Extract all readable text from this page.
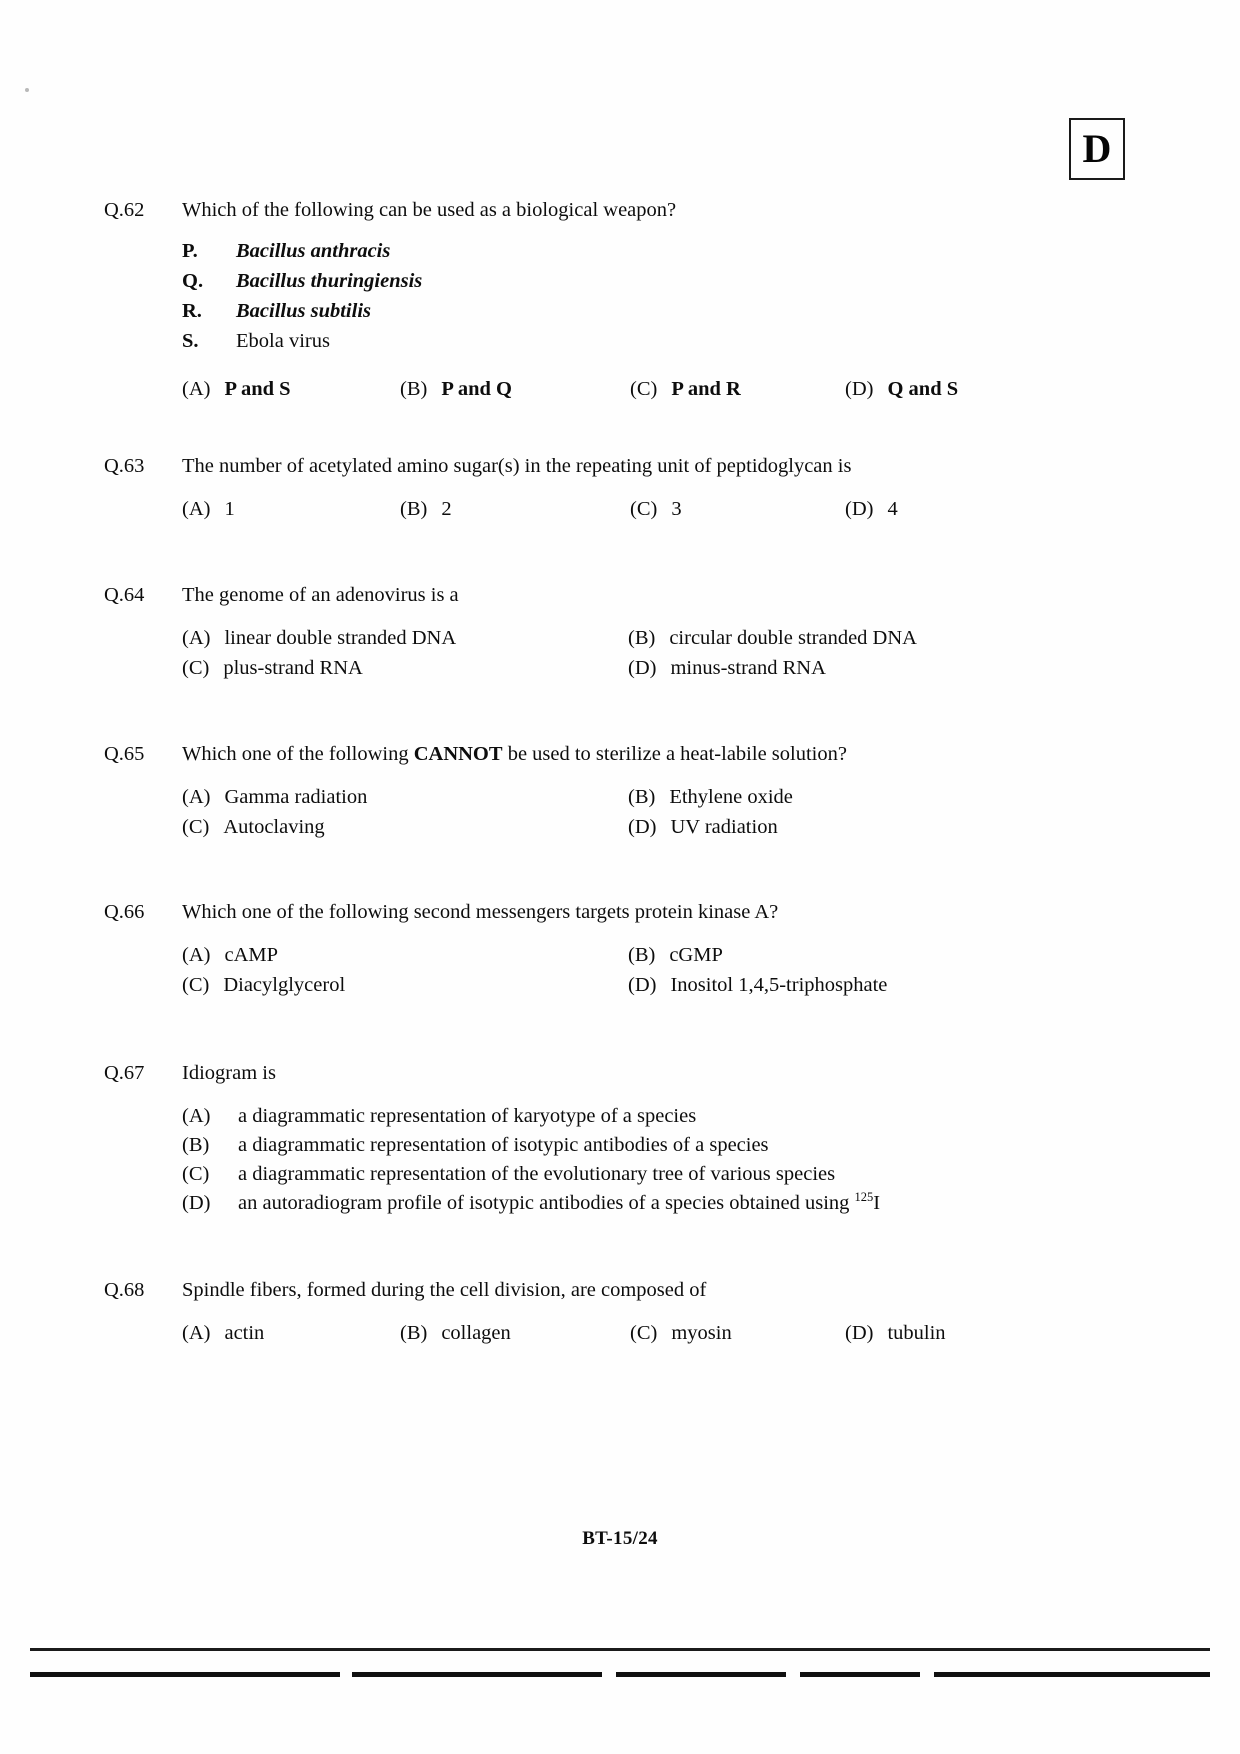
D
Q.62	Which of the following can be used as a biological weapon?
P.	Bacillus anthracis
Q.	Bacillus thuringiensis
R.	Bacillus subtilis
S.	Ebola virus
(A) P and S	(B) P and Q	(C) P and R	(D) Q and S
Q.63	The number of acetylated amino sugar(s) in the repeating unit of peptidoglycan is
(A) 1	(B) 2	(C) 3	(D) 4
Q.64	The genome of an adenovirus is a
(A) linear double stranded DNA	(B) circular double stranded DNA
(C) plus-strand RNA	(D) minus-strand RNA
Q.65	Which one of the following CANNOT be used to sterilize a heat-labile solution?
(A) Gamma radiation	(B) Ethylene oxide
(C) Autoclaving	(D) UV radiation
Q.66	Which one of the following second messengers targets protein kinase A?
(A) cAMP	(B) cGMP
(C) Diacylglycerol	(D) Inositol 1,4,5-triphosphate
Q.67	Idiogram is
(A)	a diagrammatic representation of karyotype of a species
(B)	a diagrammatic representation of isotypic antibodies of a species
(C)	a diagrammatic representation of the evolutionary tree of various species
(D)	an autoradiogram profile of isotypic antibodies of a species obtained using $^{125}$I
Q.68	Spindle fibers, formed during the cell division, are composed of
(A) actin	(B) collagen	(C) myosin	(D) tubulin
BT-15/24
